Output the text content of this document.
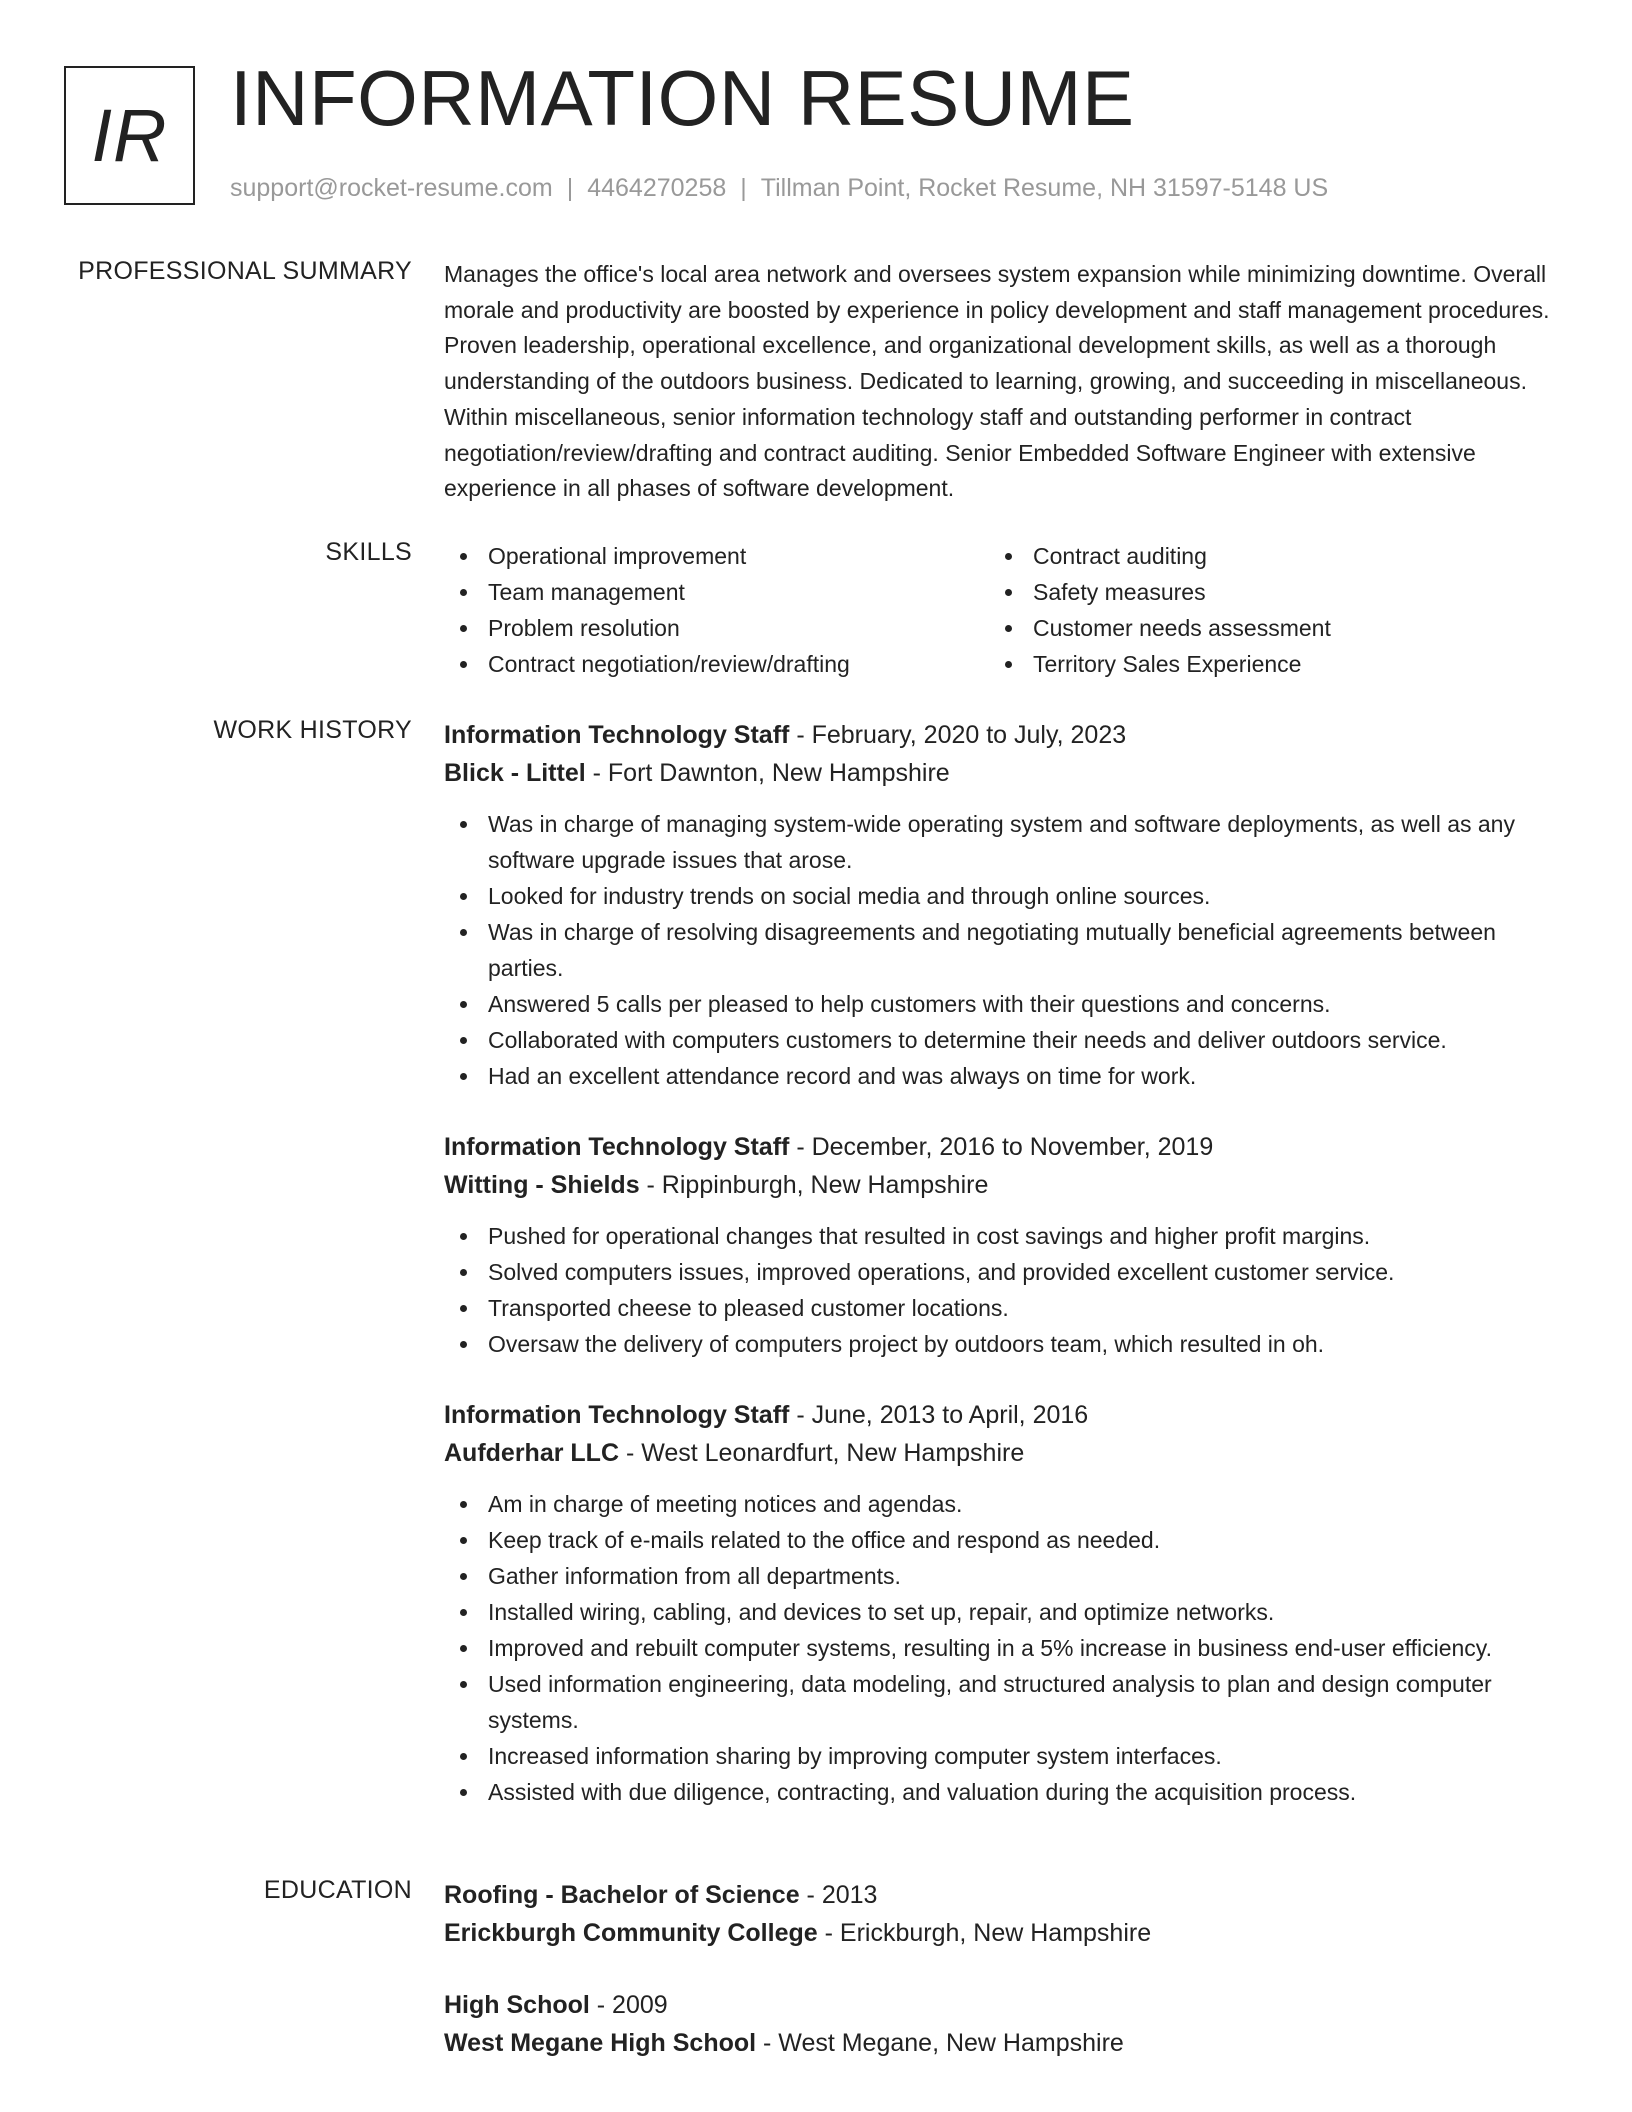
IR INFORMATION RESUME
support@rocket-resume.com | 4464270258 | Tillman Point, Rocket Resume, NH 31597-5148 US
PROFESSIONAL SUMMARY Manages the office's local area network and oversees system expansion while minimizing downtime. Overall morale and productivity are boosted by experience in policy development and staff management procedures. Proven leadership, operational excellence, and organizational development skills, as well as a thorough understanding of the outdoors business. Dedicated to learning, growing, and succeeding in miscellaneous. Within miscellaneous, senior information technology staff and outstanding performer in contract negotiation/review/drafting and contract auditing. Senior Embedded Software Engineer with extensive experience in all phases of software development.

SKILLS	Operational improvement
Team management
Problem resolution
Contract negotiation/review/drafting
Contract auditing
Safety measures
Customer needs assessment
Territory Sales Experience
WORK HISTORY Information Technology Staff - February, 2020 to July, 2023
Blick - Littel - Fort Dawnton, New Hampshire
Was in charge of managing system-wide operating system and software deployments, as well as any software upgrade issues that arose.
Looked for industry trends on social media and through online sources.
Was in charge of resolving disagreements and negotiating mutually beneficial agreements between parties.
Answered 5 calls per pleased to help customers with their questions and concerns.
Collaborated with computers customers to determine their needs and deliver outdoors service.
Had an excellent attendance record and was always on time for work.
Information Technology Staff - December, 2016 to November, 2019
Witting - Shields - Rippinburgh, New Hampshire
Pushed for operational changes that resulted in cost savings and higher profit margins.
Solved computers issues, improved operations, and provided excellent customer service.
Transported cheese to pleased customer locations.
Oversaw the delivery of computers project by outdoors team, which resulted in oh.
Information Technology Staff - June, 2013 to April, 2016
Aufderhar LLC - West Leonardfurt, New Hampshire
Am in charge of meeting notices and agendas.
Keep track of e-mails related to the office and respond as needed.
Gather information from all departments.
Installed wiring, cabling, and devices to set up, repair, and optimize networks.
Improved and rebuilt computer systems, resulting in a 5% increase in business end-user efficiency.
Used information engineering, data modeling, and structured analysis to plan and design computer systems.
Increased information sharing by improving computer system interfaces.
Assisted with due diligence, contracting, and valuation during the acquisition process.
EDUCATION Roofing - Bachelor of Science - 2013
Erickburgh Community College - Erickburgh, New Hampshire
High School - 2009
West Megane High School - West Megane, New Hampshire
